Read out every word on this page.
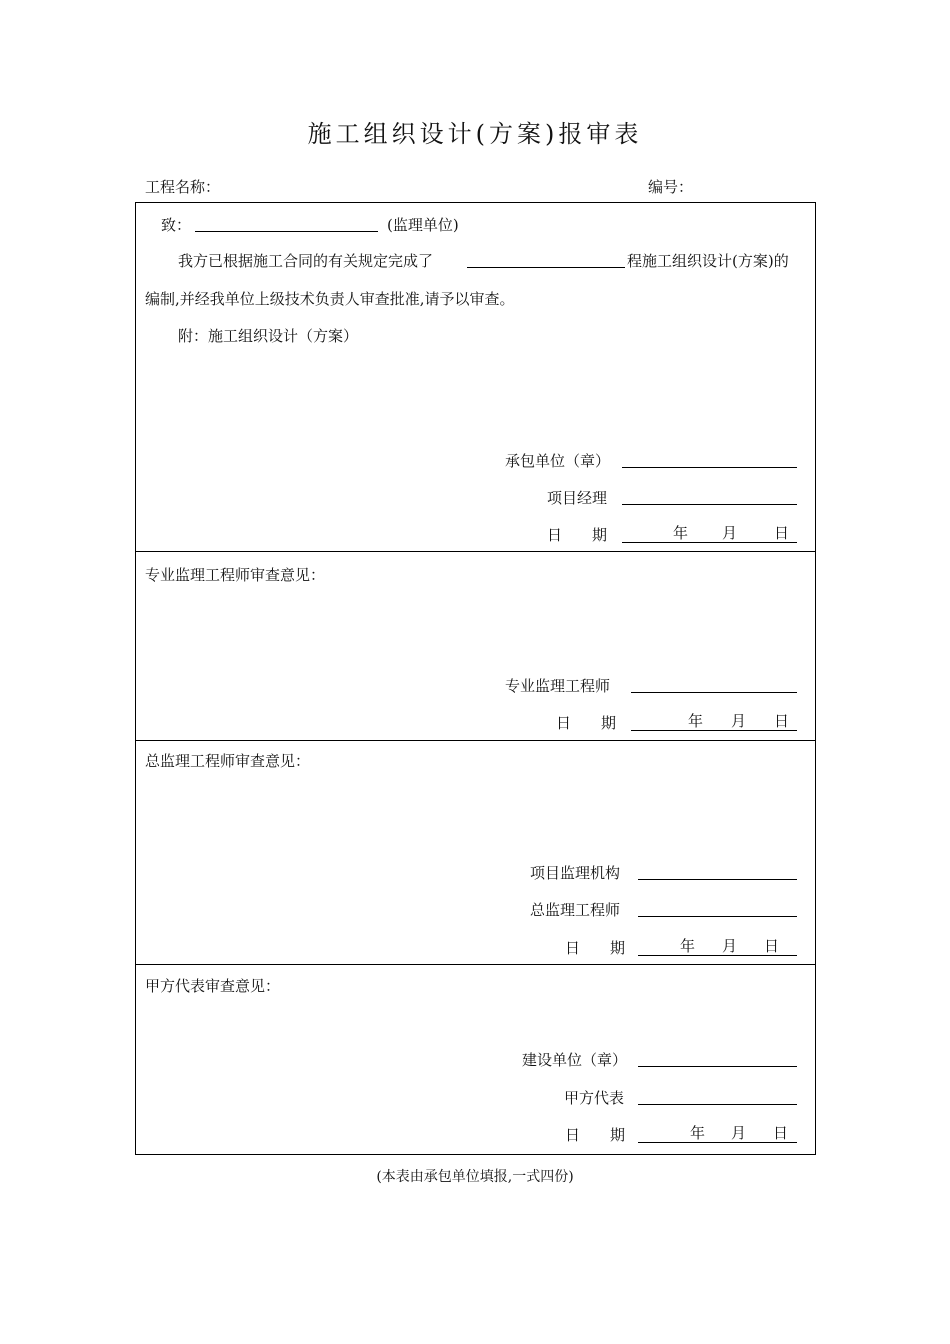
施工组织设计(方案)报审表
工程名称：	编号：
致：	(监理单位)
我方已根据施工合同的有关规定完成了	程施工组织设计(方案)的
编制,并经我单位上级技术负责人审查批准,请予以审查。
附：施工组织设计（方案）
承包单位（章）
项目经理
日　　期	年 月 日
专业监理工程师审查意见：
专业监理工程师
日　　期	年 月 日
总监理工程师审查意见：
项目监理机构
总监理工程师
日　　期	年 月 日
甲方代表审查意见：
建设单位（章）
甲方代表
日　　期	年 月 日
(本表由承包单位填报,一式四份)
